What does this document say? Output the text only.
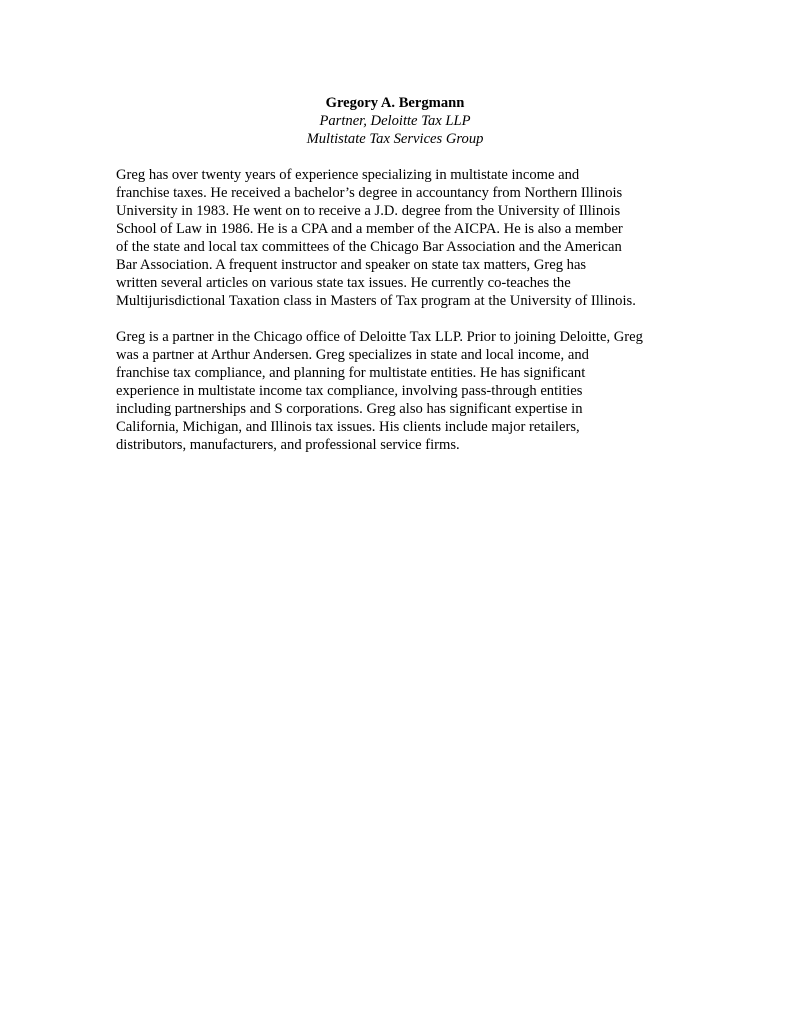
Gregory A. Bergmann
Partner, Deloitte Tax LLP
Multistate Tax Services Group

Greg has over twenty years of experience specializing in multistate income and
franchise taxes. He received a bachelor’s degree in accountancy from Northern Illinois
University in 1983. He went on to receive a J.D. degree from the University of Illinois
School of Law in 1986. He is a CPA and a member of the AICPA. He is also a member
of the state and local tax committees of the Chicago Bar Association and the American
Bar Association. A frequent instructor and speaker on state tax matters, Greg has
written several articles on various state tax issues. He currently co-teaches the
Multijurisdictional Taxation class in Masters of Tax program at the University of Illinois.

Greg is a partner in the Chicago office of Deloitte Tax LLP. Prior to joining Deloitte, Greg
was a partner at Arthur Andersen. Greg specializes in state and local income, and
franchise tax compliance, and planning for multistate entities. He has significant
experience in multistate income tax compliance, involving pass-through entities
including partnerships and S corporations. Greg also has significant expertise in
California, Michigan, and Illinois tax issues. His clients include major retailers,
distributors, manufacturers, and professional service firms.
